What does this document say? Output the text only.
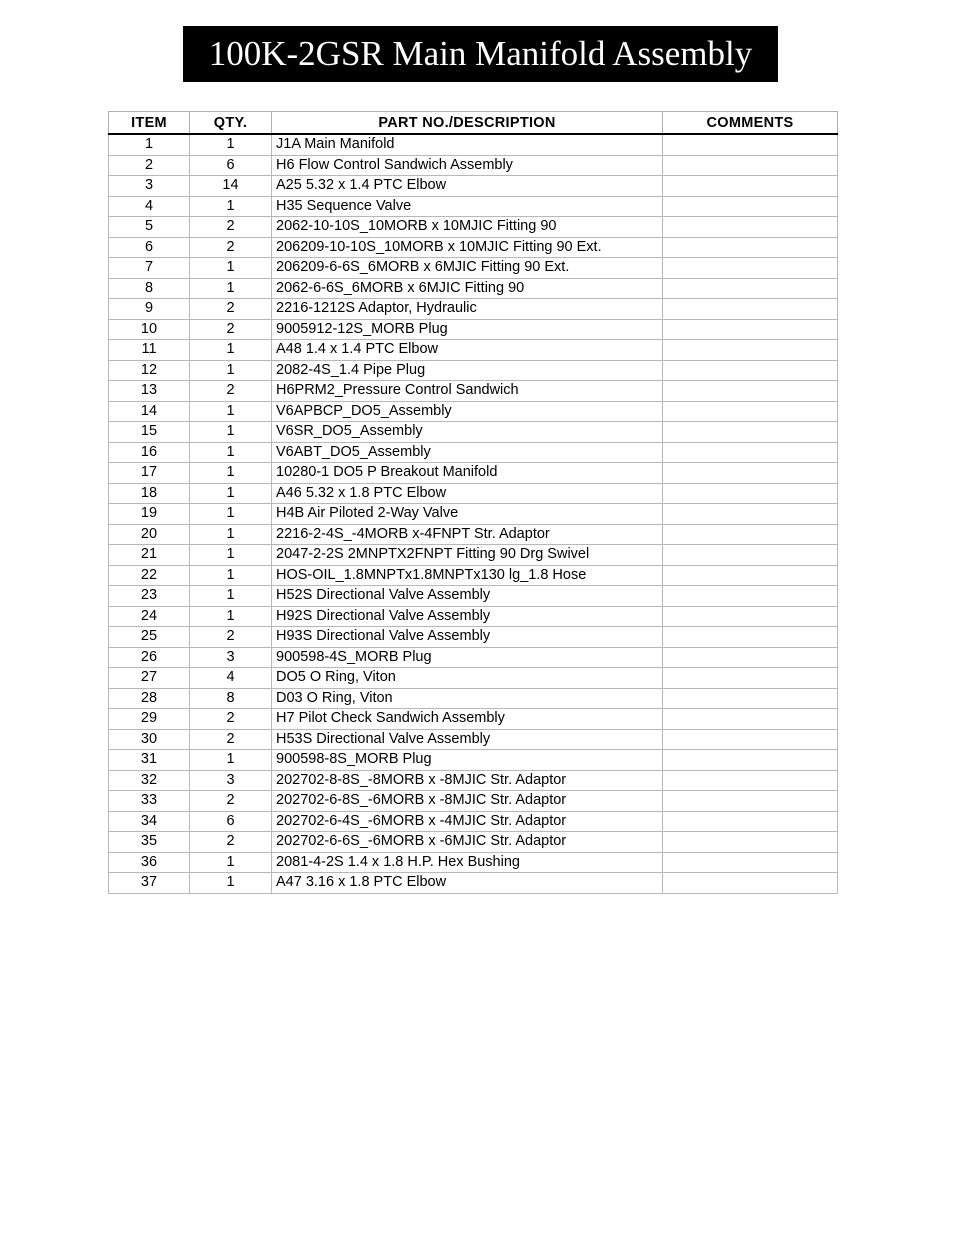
100K-2GSR Main Manifold Assembly
ITEM	QTY.	PART NO./DESCRIPTION	COMMENTS
1	1	J1A Main Manifold	
2	6	H6 Flow Control Sandwich Assembly	
3	14	A25 5.32 x 1.4 PTC Elbow	
4	1	H35 Sequence Valve	
5	2	2062-10-10S_10MORB x 10MJIC Fitting 90	
6	2	206209-10-10S_10MORB x 10MJIC Fitting 90 Ext.	
7	1	206209-6-6S_6MORB x 6MJIC Fitting 90 Ext.	
8	1	2062-6-6S_6MORB x 6MJIC Fitting 90	
9	2	2216-1212S Adaptor, Hydraulic	
10	2	9005912-12S_MORB Plug	
11	1	A48 1.4 x 1.4 PTC Elbow	
12	1	2082-4S_1.4 Pipe Plug	
13	2	H6PRM2_Pressure Control Sandwich	
14	1	V6APBCP_DO5_Assembly	
15	1	V6SR_DO5_Assembly	
16	1	V6ABT_DO5_Assembly	
17	1	10280-1 DO5 P Breakout Manifold	
18	1	A46 5.32 x 1.8 PTC Elbow	
19	1	H4B Air Piloted 2-Way Valve	
20	1	2216-2-4S_-4MORB x-4FNPT Str. Adaptor	
21	1	2047-2-2S 2MNPTX2FNPT Fitting 90 Drg Swivel	
22	1	HOS-OIL_1.8MNPTx1.8MNPTx130 lg_1.8 Hose	
23	1	H52S Directional Valve Assembly	
24	1	H92S Directional Valve Assembly	
25	2	H93S Directional Valve Assembly	
26	3	900598-4S_MORB Plug	
27	4	DO5 O Ring, Viton	
28	8	D03 O Ring, Viton	
29	2	H7 Pilot Check Sandwich Assembly	
30	2	H53S Directional Valve Assembly	
31	1	900598-8S_MORB Plug	
32	3	202702-8-8S_-8MORB x -8MJIC Str. Adaptor	
33	2	202702-6-8S_-6MORB x -8MJIC Str. Adaptor	
34	6	202702-6-4S_-6MORB x -4MJIC Str. Adaptor	
35	2	202702-6-6S_-6MORB x -6MJIC Str. Adaptor	
36	1	2081-4-2S 1.4 x 1.8 H.P. Hex Bushing	
37	1	A47 3.16 x 1.8 PTC Elbow	
